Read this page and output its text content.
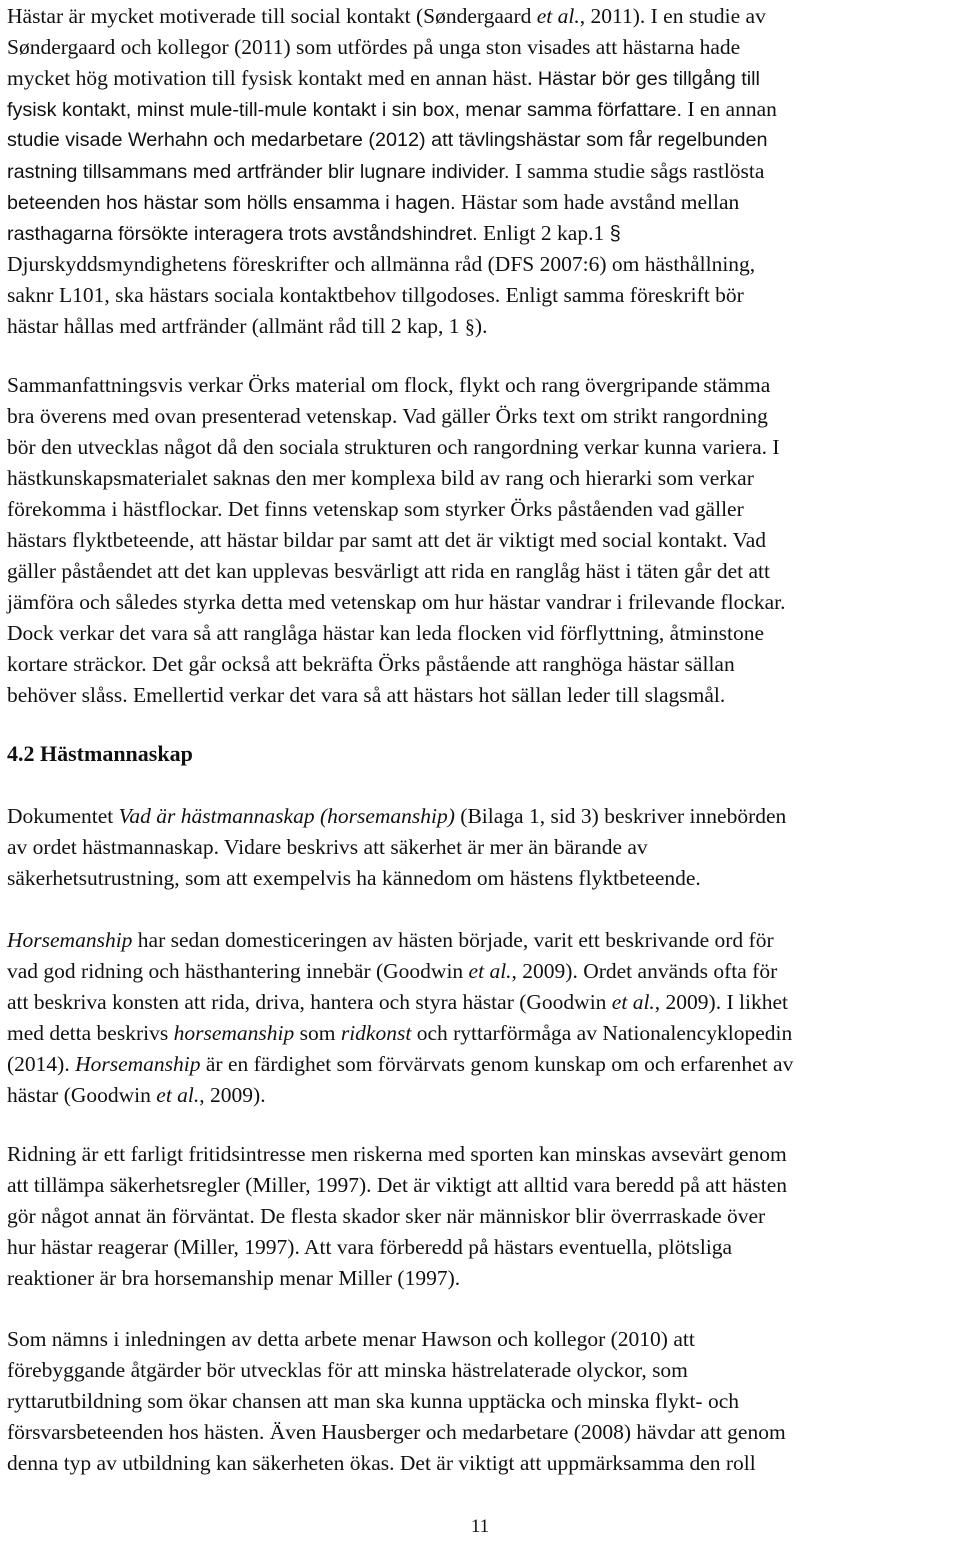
Hästar är mycket motiverade till social kontakt (Søndergaard et al., 2011). I en studie av
Søndergaard och kollegor (2011) som utfördes på unga ston visades att hästarna hade
mycket hög motivation till fysisk kontakt med en annan häst. Hästar bör ges tillgång till
fysisk kontakt, minst mule-till-mule kontakt i sin box, menar samma författare. I en annan
studie visade Werhahn och medarbetare (2012) att tävlingshästar som får regelbunden
rastning tillsammans med artfränder blir lugnare individer. I samma studie sågs rastlösta
beteenden hos hästar som hölls ensamma i hagen. Hästar som hade avstånd mellan
rasthagarna försökte interagera trots avståndshindret. Enligt 2 kap.1 §
Djurskyddsmyndighetens föreskrifter och allmänna råd (DFS 2007:6) om hästhållning,
saknr L101, ska hästars sociala kontaktbehov tillgodoses. Enligt samma föreskrift bör
hästar hållas med artfränder (allmänt råd till 2 kap, 1 §).
Sammanfattningsvis verkar Örks material om flock, flykt och rang övergripande stämma
bra överens med ovan presenterad vetenskap. Vad gäller Örks text om strikt rangordning
bör den utvecklas något då den sociala strukturen och rangordning verkar kunna variera. I
hästkunskapsmaterialet saknas den mer komplexa bild av rang och hierarki som verkar
förekomma i hästflockar. Det finns vetenskap som styrker Örks påståenden vad gäller
hästars flyktbeteende, att hästar bildar par samt att det är viktigt med social kontakt. Vad
gäller påståendet att det kan upplevas besvärligt att rida en ranglåg häst i täten går det att
jämföra och således styrka detta med vetenskap om hur hästar vandrar i frilevande flockar.
Dock verkar det vara så att ranglåga hästar kan leda flocken vid förflyttning, åtminstone
kortare sträckor. Det går också att bekräfta Örks påstående att ranghöga hästar sällan
behöver slåss. Emellertid verkar det vara så att hästars hot sällan leder till slagsmål.
4.2 Hästmannaskap
Dokumentet Vad är hästmannaskap (horsemanship) (Bilaga 1, sid 3) beskriver innebörden
av ordet hästmannaskap. Vidare beskrivs att säkerhet är mer än bärande av
säkerhetsutrustning, som att exempelvis ha kännedom om hästens flyktbeteende.
Horsemanship har sedan domesticeringen av hästen började, varit ett beskrivande ord för
vad god ridning och hästhantering innebär (Goodwin et al., 2009). Ordet används ofta för
att beskriva konsten att rida, driva, hantera och styra hästar (Goodwin et al., 2009). I likhet
med detta beskrivs horsemanship som ridkonst och ryttarförmåga av Nationalencyklopedin
(2014). Horsemanship är en färdighet som förvärvats genom kunskap om och erfarenhet av
hästar (Goodwin et al., 2009).
Ridning är ett farligt fritidsintresse men riskerna med sporten kan minskas avsevärt genom
att tillämpa säkerhetsregler (Miller, 1997). Det är viktigt att alltid vara beredd på att hästen
gör något annat än förväntat. De flesta skador sker när människor blir överrraskade över
hur hästar reagerar (Miller, 1997). Att vara förberedd på hästars eventuella, plötsliga
reaktioner är bra horsemanship menar Miller (1997).
Som nämns i inledningen av detta arbete menar Hawson och kollegor (2010) att
förebyggande åtgärder bör utvecklas för att minska hästrelaterade olyckor, som
ryttarutbildning som ökar chansen att man ska kunna upptäcka och minska flykt- och
försvarsbeteenden hos hästen. Även Hausberger och medarbetare (2008) hävdar att genom
denna typ av utbildning kan säkerheten ökas. Det är viktigt att uppmärksamma den roll
11
